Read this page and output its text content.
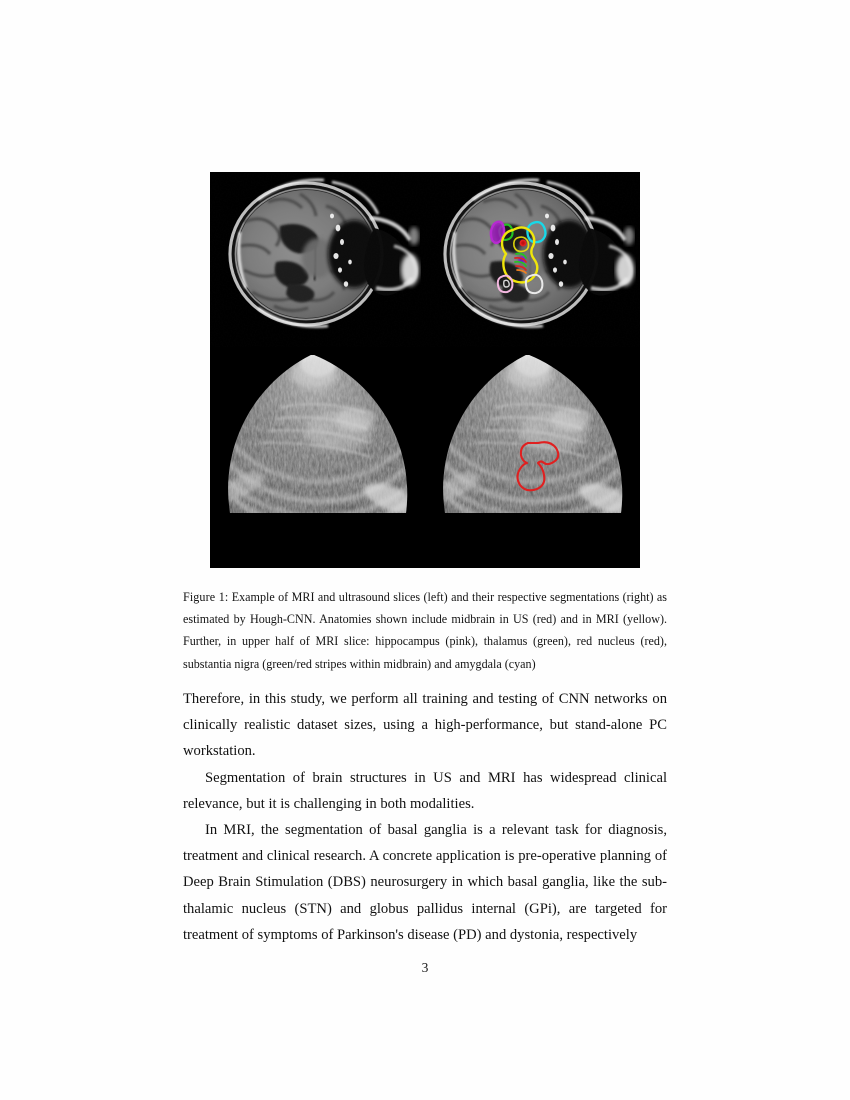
Figure 1: Example of MRI and ultrasound slices (left) and their respective segmentations (right) as estimated by Hough-CNN. Anatomies shown include midbrain in US (red) and in MRI (yellow). Further, in upper half of MRI slice: hippocampus (pink), thalamus (green), red nucleus (red), substantia nigra (green/red stripes within midbrain) and amygdala (cyan)

Therefore, in this study, we perform all training and testing of CNN networks on clinically realistic dataset sizes, using a high-performance, but stand-alone PC workstation.

Segmentation of brain structures in US and MRI has widespread clinical relevance, but it is challenging in both modalities.

In MRI, the segmentation of basal ganglia is a relevant task for diagnosis, treatment and clinical research. A concrete application is pre-operative planning of Deep Brain Stimulation (DBS) neurosurgery in which basal ganglia, like the sub-thalamic nucleus (STN) and globus pallidus internal (GPi), are targeted for treatment of symptoms of Parkinson's disease (PD) and dystonia, respectively

3
